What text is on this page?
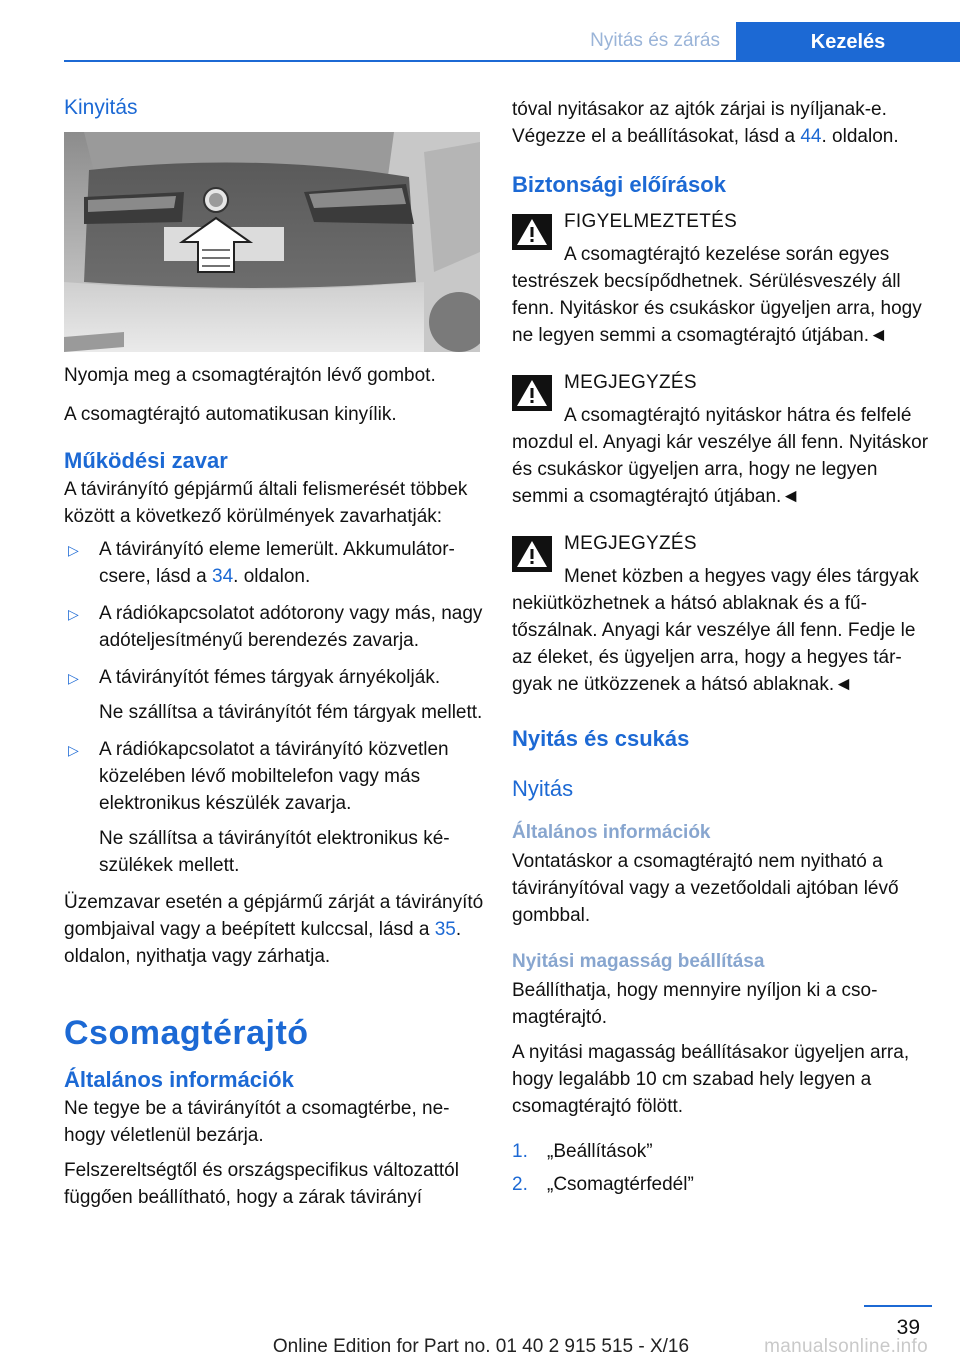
Nyitás és zárás	Kezelés
Kinyitás

Nyomja meg a csomagtérajtón lévő gombot.

A csomagtérajtó automatikusan kinyílik.

Működési zavar

A távirányító gépjármű általi felismerését többek között a következő körülmények zavarhatják:

▷ A távirányító eleme lemerült. Akkumulátorcsere, lásd a 34. oldalon.
▷ A rádiókapcsolatot adótorony vagy más, nagy adóteljesítményű berendezés zavarja.
▷ A távirányítót fémes tárgyak árnyékolják.
Ne szállítsa a távirányítót fém tárgyak mellett.
▷ A rádiókapcsolatot a távirányító közvetlen közelében lévő mobiltelefon vagy más elektronikus készülék zavarja.
Ne szállítsa a távirányítót elektronikus készülékek mellett.

Üzemzavar esetén a gépjármű zárját a távirányító gombjaival vagy a beépített kulccsal, lásd a 35. oldalon, nyithatja vagy zárhatja.

Csomagtérajtó
Általános információk

Ne tegye be a távirányítót a csomagtérbe, nehogy véletlenül bezárja.

Felszereltségtől és országspecifikus változattól függően beállítható, hogy a zárak távirányí

tóval nyitásakor az ajtók zárjai is nyíljanak-e. Végezze el a beállításokat, lásd a 44. oldalon.

Biztonsági előírások
FIGYELMEZTETÉS
A csomagtérajtó kezelése során egyes testrészek becsípődhetnek. Sérülésveszély áll fenn. Nyitáskor és csukáskor ügyeljen arra, hogy ne legyen semmi a csomagtérajtó útjában.◄
MEGJEGYZÉS
A csomagtérajtó nyitáskor hátra és felfelé mozdul el. Anyagi kár veszélye áll fenn. Nyitáskor és csukáskor ügyeljen arra, hogy ne legyen semmi a csomagtérajtó útjában.◄
MEGJEGYZÉS
Menet közben a hegyes vagy éles tárgyak nekiütközhetnek a hátsó ablaknak és a fűtőszálnak. Anyagi kár veszélye áll fenn. Fedje le az éleket, és ügyeljen arra, hogy a hegyes tárgyak ne ütközzenek a hátsó ablaknak.◄
Nyitás és csukás
Nyitás
Általános információk

Vontatáskor a csomagtérajtó nem nyitható a távirányítóval vagy a vezetőoldali ajtóban lévő gombbal.

Nyitási magasság beállítása

Beállíthatja, hogy mennyire nyíljon ki a csomagtérajtó.

A nyitási magasság beállításakor ügyeljen arra, hogy legalább 10 cm szabad hely legyen a csomagtérajtó fölött.

1. „Beállítások”
2. „Csomagtérfedél”
39
Online Edition for Part no. 01 40 2 915 515 - X/16	manualsonline.info
